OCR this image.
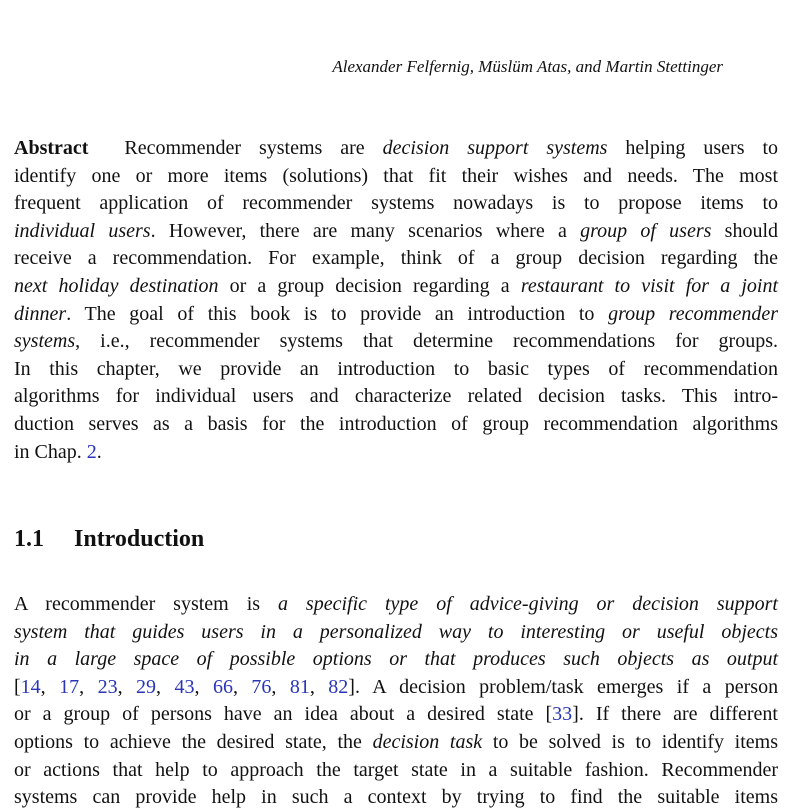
Alexander Felfernig, Müslüm Atas, and Martin Stettinger
Abstract Recommender systems are decision support systems helping users to
identify one or more items (solutions) that fit their wishes and needs. The most
frequent application of recommender systems nowadays is to propose items to
individual users. However, there are many scenarios where a group of users should
receive a recommendation. For example, think of a group decision regarding the
next holiday destination or a group decision regarding a restaurant to visit for a joint
dinner. The goal of this book is to provide an introduction to group recommender
systems, i.e., recommender systems that determine recommendations for groups.
In this chapter, we provide an introduction to basic types of recommendation
algorithms for individual users and characterize related decision tasks. This intro-
duction serves as a basis for the introduction of group recommendation algorithms
in Chap. 2.
1.1 Introduction
A recommender system is a specific type of advice-giving or decision support
system that guides users in a personalized way to interesting or useful objects
in a large space of possible options or that produces such objects as output
[14, 17, 23, 29, 43, 66, 76, 81, 82]. A decision problem/task emerges if a person
or a group of persons have an idea about a desired state [33]. If there are different
options to achieve the desired state, the decision task to be solved is to identify items
or actions that help to approach the target state in a suitable fashion. Recommender
systems can provide help in such a context by trying to find the suitable items
